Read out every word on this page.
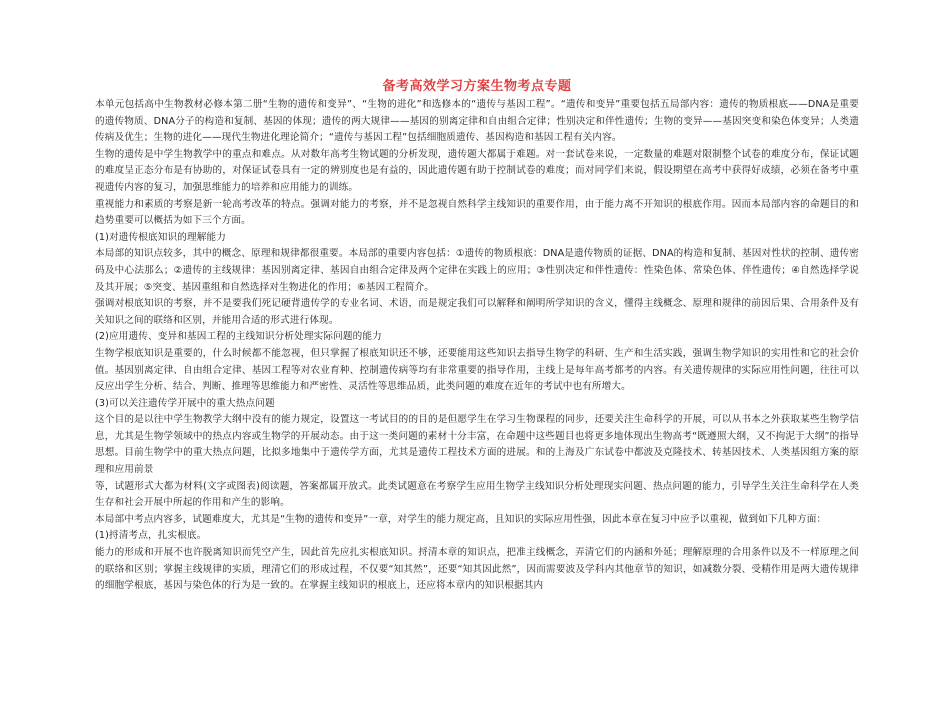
备考高效学习方案生物考点专题

本单元包括高中生物教材必修本第二册“生物的遗传和变异”、“生物的进化”和选修本的“遗传与基因工程”。“遗传和变异”重要包括五局部内容：遗传的物质根底——DNA是重要的遗传物质、DNA分子的构造和复制、基因的体现；遗传的两大规律——基因的别离定律和自由组合定律；性别决定和伴性遗传；生物的变异——基因突变和染色体变异；人类遗传病及优生；生物的进化——现代生物进化理论简介；“遗传与基因工程”包括细胞质遗传、基因构造和基因工程有关内容。

生物的遗传是中学生物教学中的重点和难点。从对数年高考生物试题的分析发现，遗传题大都属于难题。对一套试卷来说，一定数量的难题对限制整个试卷的难度分布，保证试题的难度呈正态分布是有协助的，对保证试卷具有一定的辨别度也是有益的，因此遗传题有助于控制试卷的难度；而对同学们来说，假设期望在高考中获得好成绩，必须在备考中重视遗传内容的复习，加强思维能力的培养和应用能力的训练。

重视能力和素质的考察是新一轮高考改革的特点。强调对能力的考察，并不是忽视自然科学主线知识的重要作用，由于能力离不开知识的根底作用。因而本局部内容的命题目的和趋势重要可以概括为如下三个方面。

(1)对遗传根底知识的理解能力

本局部的知识点较多，其中的概念、原理和规律都很重要。本局部的重要内容包括：①遗传的物质根底：DNA是遗传物质的证据、DNA的构造和复制、基因对性状的控制、遗传密码及中心法那么；②遗传的主线规律：基因别离定律、基因自由组合定律及两个定律在实践上的应用；③性别决定和伴性遗传：性染色体、常染色体、伴性遗传；④自然选择学说及其开展；⑤突变、基因重组和自然选择对生物进化的作用；⑥基因工程简介。

强调对根底知识的考察，并不是要我们死记硬背遗传学的专业名词、术语，而是规定我们可以解释和阐明所学知识的含义，懂得主线概念、原理和规律的前因后果、合用条件及有关知识之间的联络和区别，并能用合适的形式进行体现。

(2)应用遗传、变异和基因工程的主线知识分析处理实际问题的能力

生物学根底知识是重要的，什么时候都不能忽视，但只掌握了根底知识还不够，还要能用这些知识去指导生物学的科研、生产和生活实践，强调生物学知识的实用性和它的社会价值。基因别离定律、自由组合定律、基因工程等对农业育种、控制遗传病等均有非常重要的指导作用，主线上是每年高考都考的内容。有关遗传规律的实际应用性问题，往往可以反应出学生分析、结合、判断、推理等思维能力和严密性、灵活性等思维品质，此类问题的难度在近年的考试中也有所增大。

(3)可以关注遗传学开展中的重大热点问题

这个目的是以往中学生物教学大纲中没有的能力规定，设置这一考试目的的目的是但愿学生在学习生物课程的同步，还要关注生命科学的开展，可以从书本之外获取某些生物学信息，尤其是生物学领域中的热点内容或生物学的开展动态。由于这一类问题的素材十分丰富，在命题中这些题目也将更多地体现出生物高考“既遵照大纲，又不拘泥于大纲”的指导思想。目前生物学中的重大热点问题，比拟多地集中于遗传学方面，尤其是遗传工程技术方面的进展。和的上海及广东试卷中都波及克隆技术、转基因技术、人类基因组方案的原理和应用前景

等，试题形式大都为材料(文字或图表)阅读题，答案都属开放式。此类试题意在考察学生应用生物学主线知识分析处理现实问题、热点问题的能力，引导学生关注生命科学在人类生存和社会开展中所起的作用和产生的影响。

本局部中考点内容多，试题难度大，尤其是“生物的遗传和变异”一章，对学生的能力规定高，且知识的实际应用性强，因此本章在复习中应予以重视，做到如下几种方面：

(1)捋清考点，扎实根底。

能力的形成和开展不也许脱离知识而凭空产生，因此首先应扎实根底知识。捋清本章的知识点，把准主线概念，弄清它们的内涵和外延；理解原理的合用条件以及不一样原理之间的联络和区别；掌握主线规律的实质，理清它们的形成过程，不仅要“知其然”，还要“知其因此然”，因而需要波及学科内其他章节的知识，如减数分裂、受精作用是两大遗传规律的细胞学根底，基因与染色体的行为是一致的。在掌握主线知识的根底上，还应将本章内的知识根据其内
